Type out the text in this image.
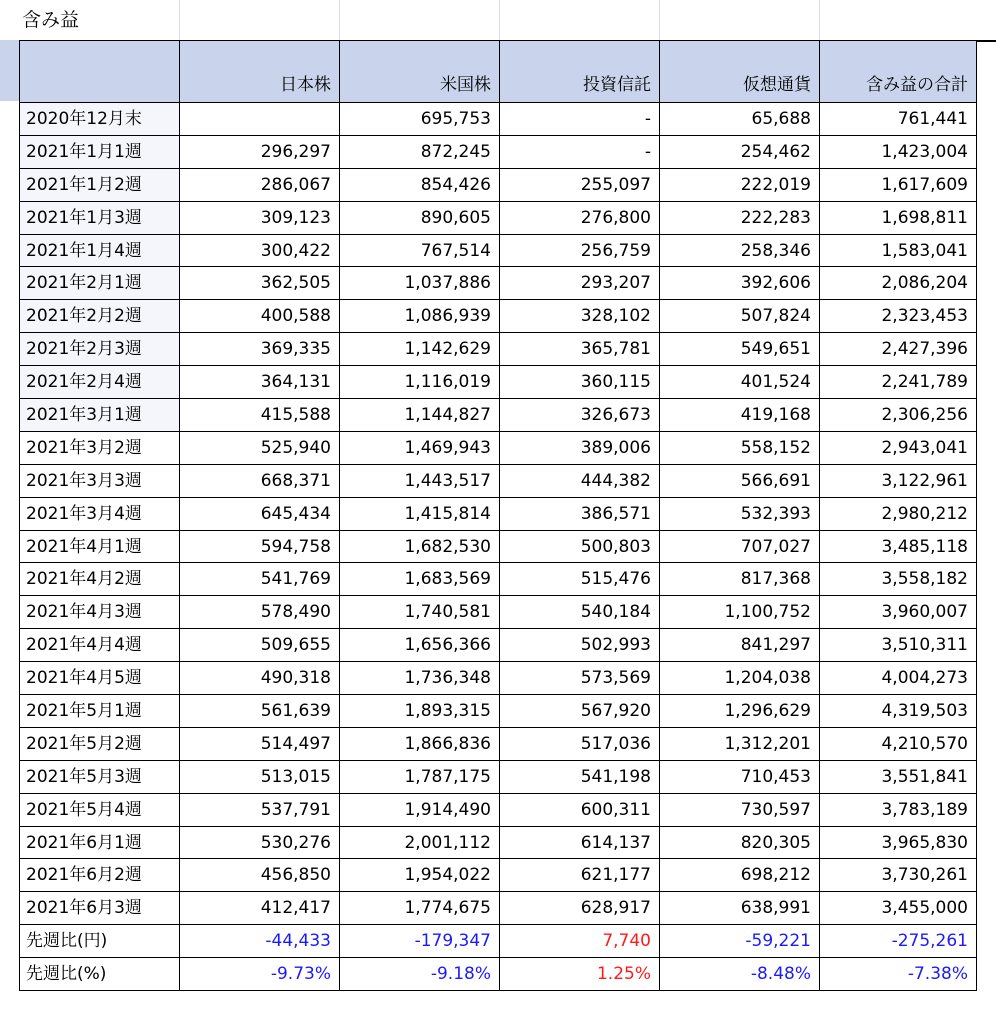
含み益
	日本株	米国株	投資信託	仮想通貨	含み益の合計
2020年12月末		695,753	-	65,688	761,441
2021年1月1週	296,297	872,245	-	254,462	1,423,004
2021年1月2週	286,067	854,426	255,097	222,019	1,617,609
2021年1月3週	309,123	890,605	276,800	222,283	1,698,811
2021年1月4週	300,422	767,514	256,759	258,346	1,583,041
2021年2月1週	362,505	1,037,886	293,207	392,606	2,086,204
2021年2月2週	400,588	1,086,939	328,102	507,824	2,323,453
2021年2月3週	369,335	1,142,629	365,781	549,651	2,427,396
2021年2月4週	364,131	1,116,019	360,115	401,524	2,241,789
2021年3月1週	415,588	1,144,827	326,673	419,168	2,306,256
2021年3月2週	525,940	1,469,943	389,006	558,152	2,943,041
2021年3月3週	668,371	1,443,517	444,382	566,691	3,122,961
2021年3月4週	645,434	1,415,814	386,571	532,393	2,980,212
2021年4月1週	594,758	1,682,530	500,803	707,027	3,485,118
2021年4月2週	541,769	1,683,569	515,476	817,368	3,558,182
2021年4月3週	578,490	1,740,581	540,184	1,100,752	3,960,007
2021年4月4週	509,655	1,656,366	502,993	841,297	3,510,311
2021年4月5週	490,318	1,736,348	573,569	1,204,038	4,004,273
2021年5月1週	561,639	1,893,315	567,920	1,296,629	4,319,503
2021年5月2週	514,497	1,866,836	517,036	1,312,201	4,210,570
2021年5月3週	513,015	1,787,175	541,198	710,453	3,551,841
2021年5月4週	537,791	1,914,490	600,311	730,597	3,783,189
2021年6月1週	530,276	2,001,112	614,137	820,305	3,965,830
2021年6月2週	456,850	1,954,022	621,177	698,212	3,730,261
2021年6月3週	412,417	1,774,675	628,917	638,991	3,455,000
先週比(円)	-44,433	-179,347	7,740	-59,221	-275,261
先週比(%)	-9.73%	-9.18%	1.25%	-8.48%	-7.38%
